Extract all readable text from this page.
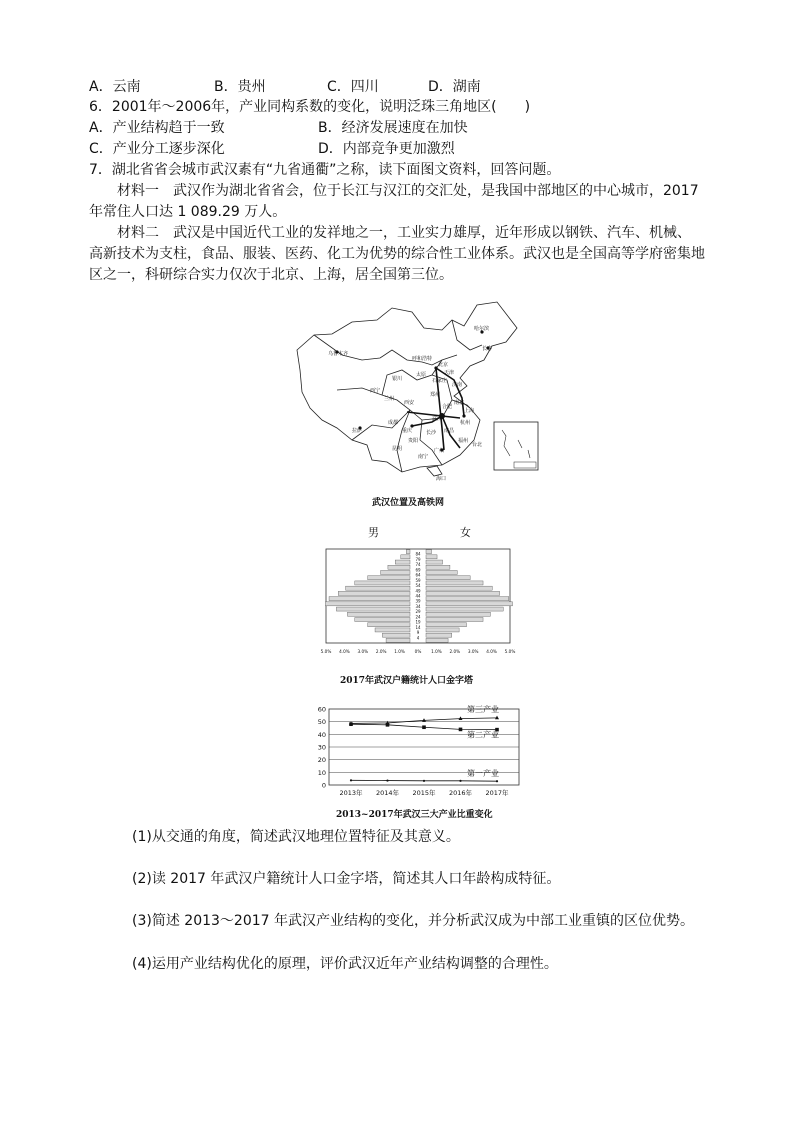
A．云南	B．贵州	C．四川	D．湖南
6．2001年～2006年，产业同构系数的变化，说明泛珠三角地区(　　)
A．产业结构趋于一致	B．经济发展速度在加快
C．产业分工逐步深化	D．内部竞争更加激烈
7．湖北省省会城市武汉素有“九省通衢”之称，读下面图文资料，回答问题。
材料一　武汉作为湖北省省会，位于长江与汉江的交汇处，是我国中部地区的中心城市，2017
年常住人口达 1 089.29 万人。
材料二　武汉是中国近代工业的发祥地之一，工业实力雄厚，近年形成以钢铁、汽车、机械、
高新技术为支柱，食品、服装、医药、化工为优势的综合性工业体系。武汉也是全国高等学府密集地
区之一，科研综合实力仅次于北京、上海，居全国第三位。
哈尔滨
长春
乌鲁木齐
呼和浩特
北京
天津
太原
石家庄
济南
银川
郑州
西宁
兰州
西安	南京
合肥
上海
武汉
杭州
拉萨
成都
重庆	长沙 南昌
福州
贵阳
台北
昆明	广州
南宁
海口
武汉位置及高铁网
男	女
84
79
74
69
64
59
54
49
44
39
34
29
24
19
14
9
4
5.0% 4.0% 3.0% 2.0% 1.0% 0% 1.0% 2.0% 3.0% 4.0% 5.0%
2017年武汉户籍统计人口金字塔
0
10
20
30
40
50
60
2013年 2014年 2015年 2016年 2017年
第三产业
第二产业
第一产业
2013~2017年武汉三大产业比重变化
(1)从交通的角度，简述武汉地理位置特征及其意义。
(2)读 2017 年武汉户籍统计人口金字塔，简述其人口年龄构成特征。
(3)简述 2013～2017 年武汉产业结构的变化，并分析武汉成为中部工业重镇的区位优势。
(4)运用产业结构优化的原理，评价武汉近年产业结构调整的合理性。
